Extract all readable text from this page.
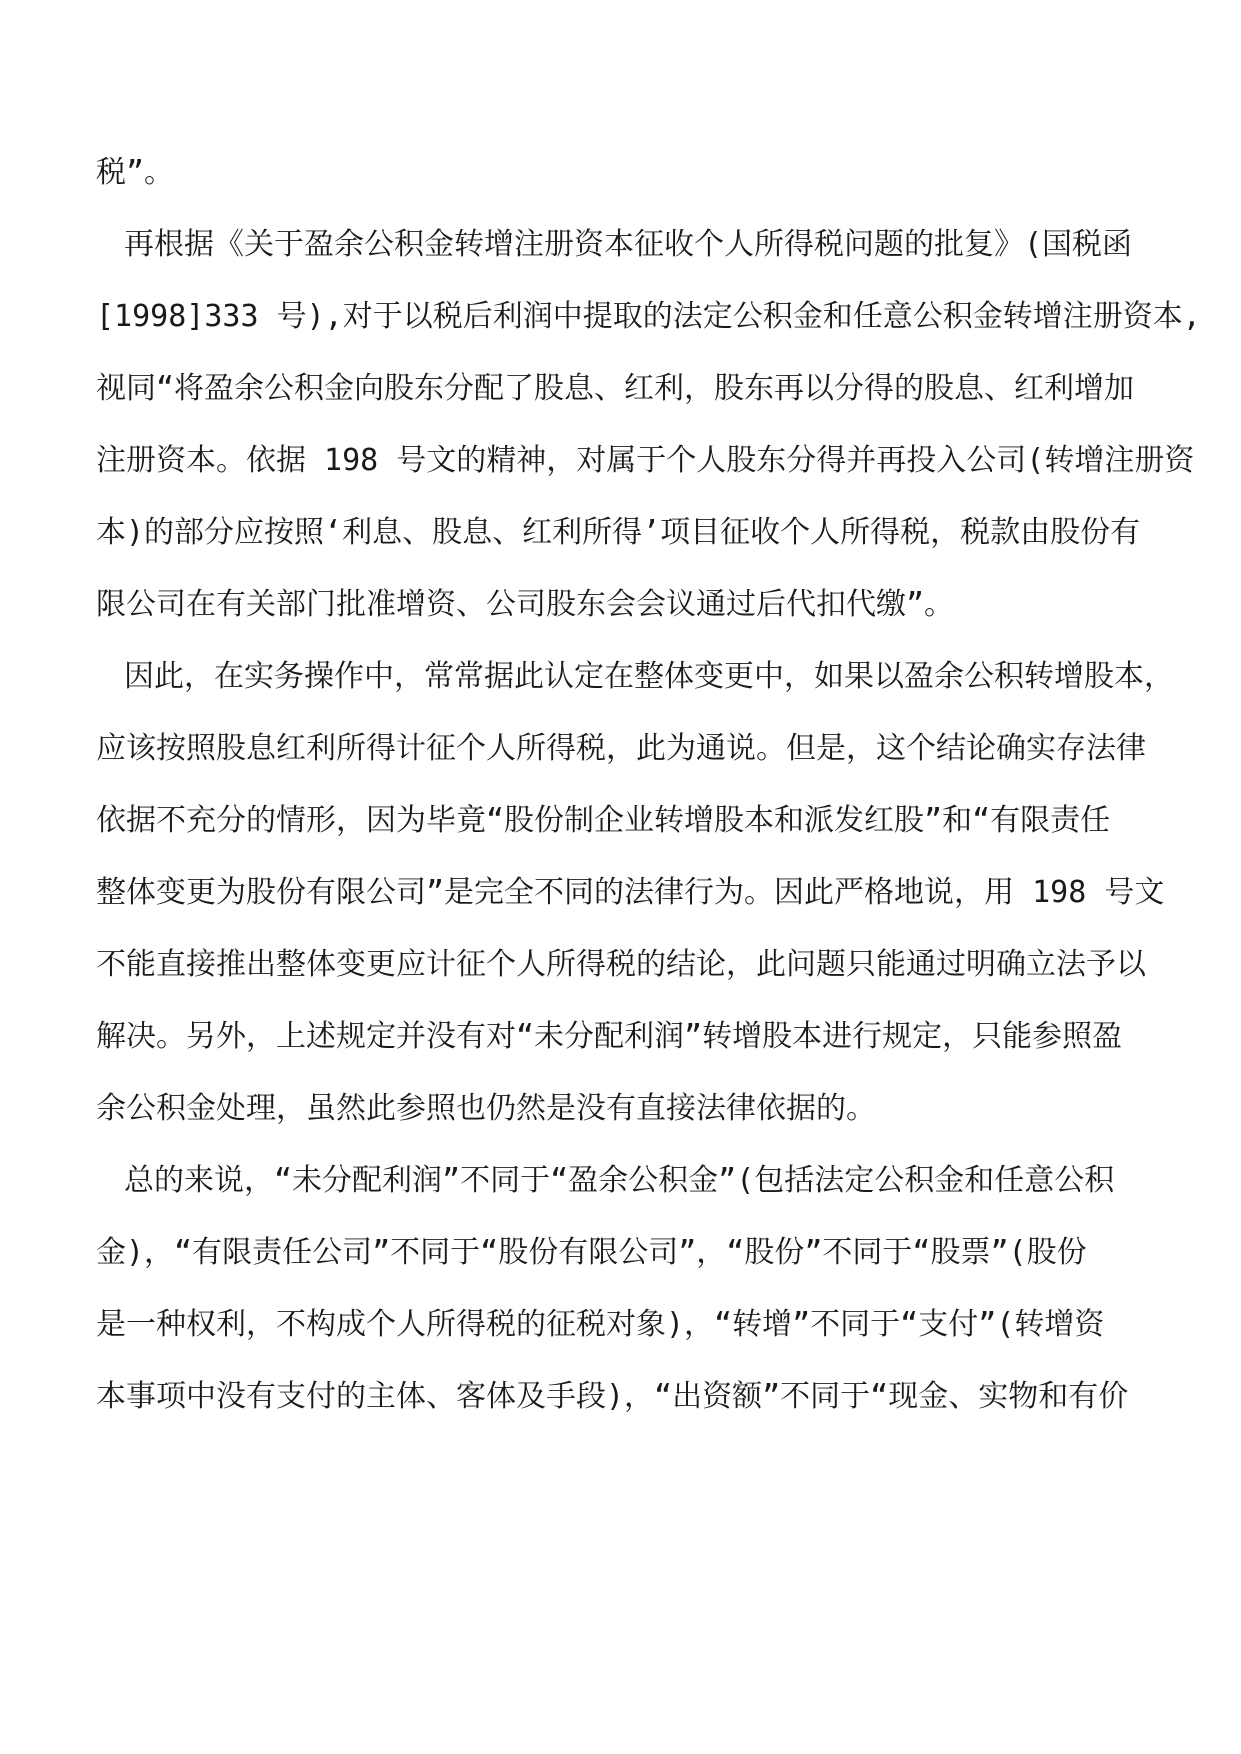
税”。
再根据《关于盈余公积金转增注册资本征收个人所得税问题的批复》(国税函
[1998]333 号),对于以税后利润中提取的法定公积金和任意公积金转增注册资本,
视同“将盈余公积金向股东分配了股息、红利，股东再以分得的股息、红利增加
注册资本。依据 198 号文的精神，对属于个人股东分得并再投入公司(转增注册资
本)的部分应按照‘利息、股息、红利所得’项目征收个人所得税，税款由股份有
限公司在有关部门批准增资、公司股东会会议通过后代扣代缴”。
因此，在实务操作中，常常据此认定在整体变更中，如果以盈余公积转增股本，
应该按照股息红利所得计征个人所得税，此为通说。但是，这个结论确实存法律
依据不充分的情形，因为毕竟“股份制企业转增股本和派发红股”和“有限责任
整体变更为股份有限公司”是完全不同的法律行为。因此严格地说，用 198 号文
不能直接推出整体变更应计征个人所得税的结论，此问题只能通过明确立法予以
解决。另外，上述规定并没有对“未分配利润”转增股本进行规定，只能参照盈
余公积金处理，虽然此参照也仍然是没有直接法律依据的。
总的来说，“未分配利润”不同于“盈余公积金”(包括法定公积金和任意公积
金)，“有限责任公司”不同于“股份有限公司”，“股份”不同于“股票”(股份
是一种权利，不构成个人所得税的征税对象)，“转增”不同于“支付”(转增资
本事项中没有支付的主体、客体及手段)，“出资额”不同于“现金、实物和有价
